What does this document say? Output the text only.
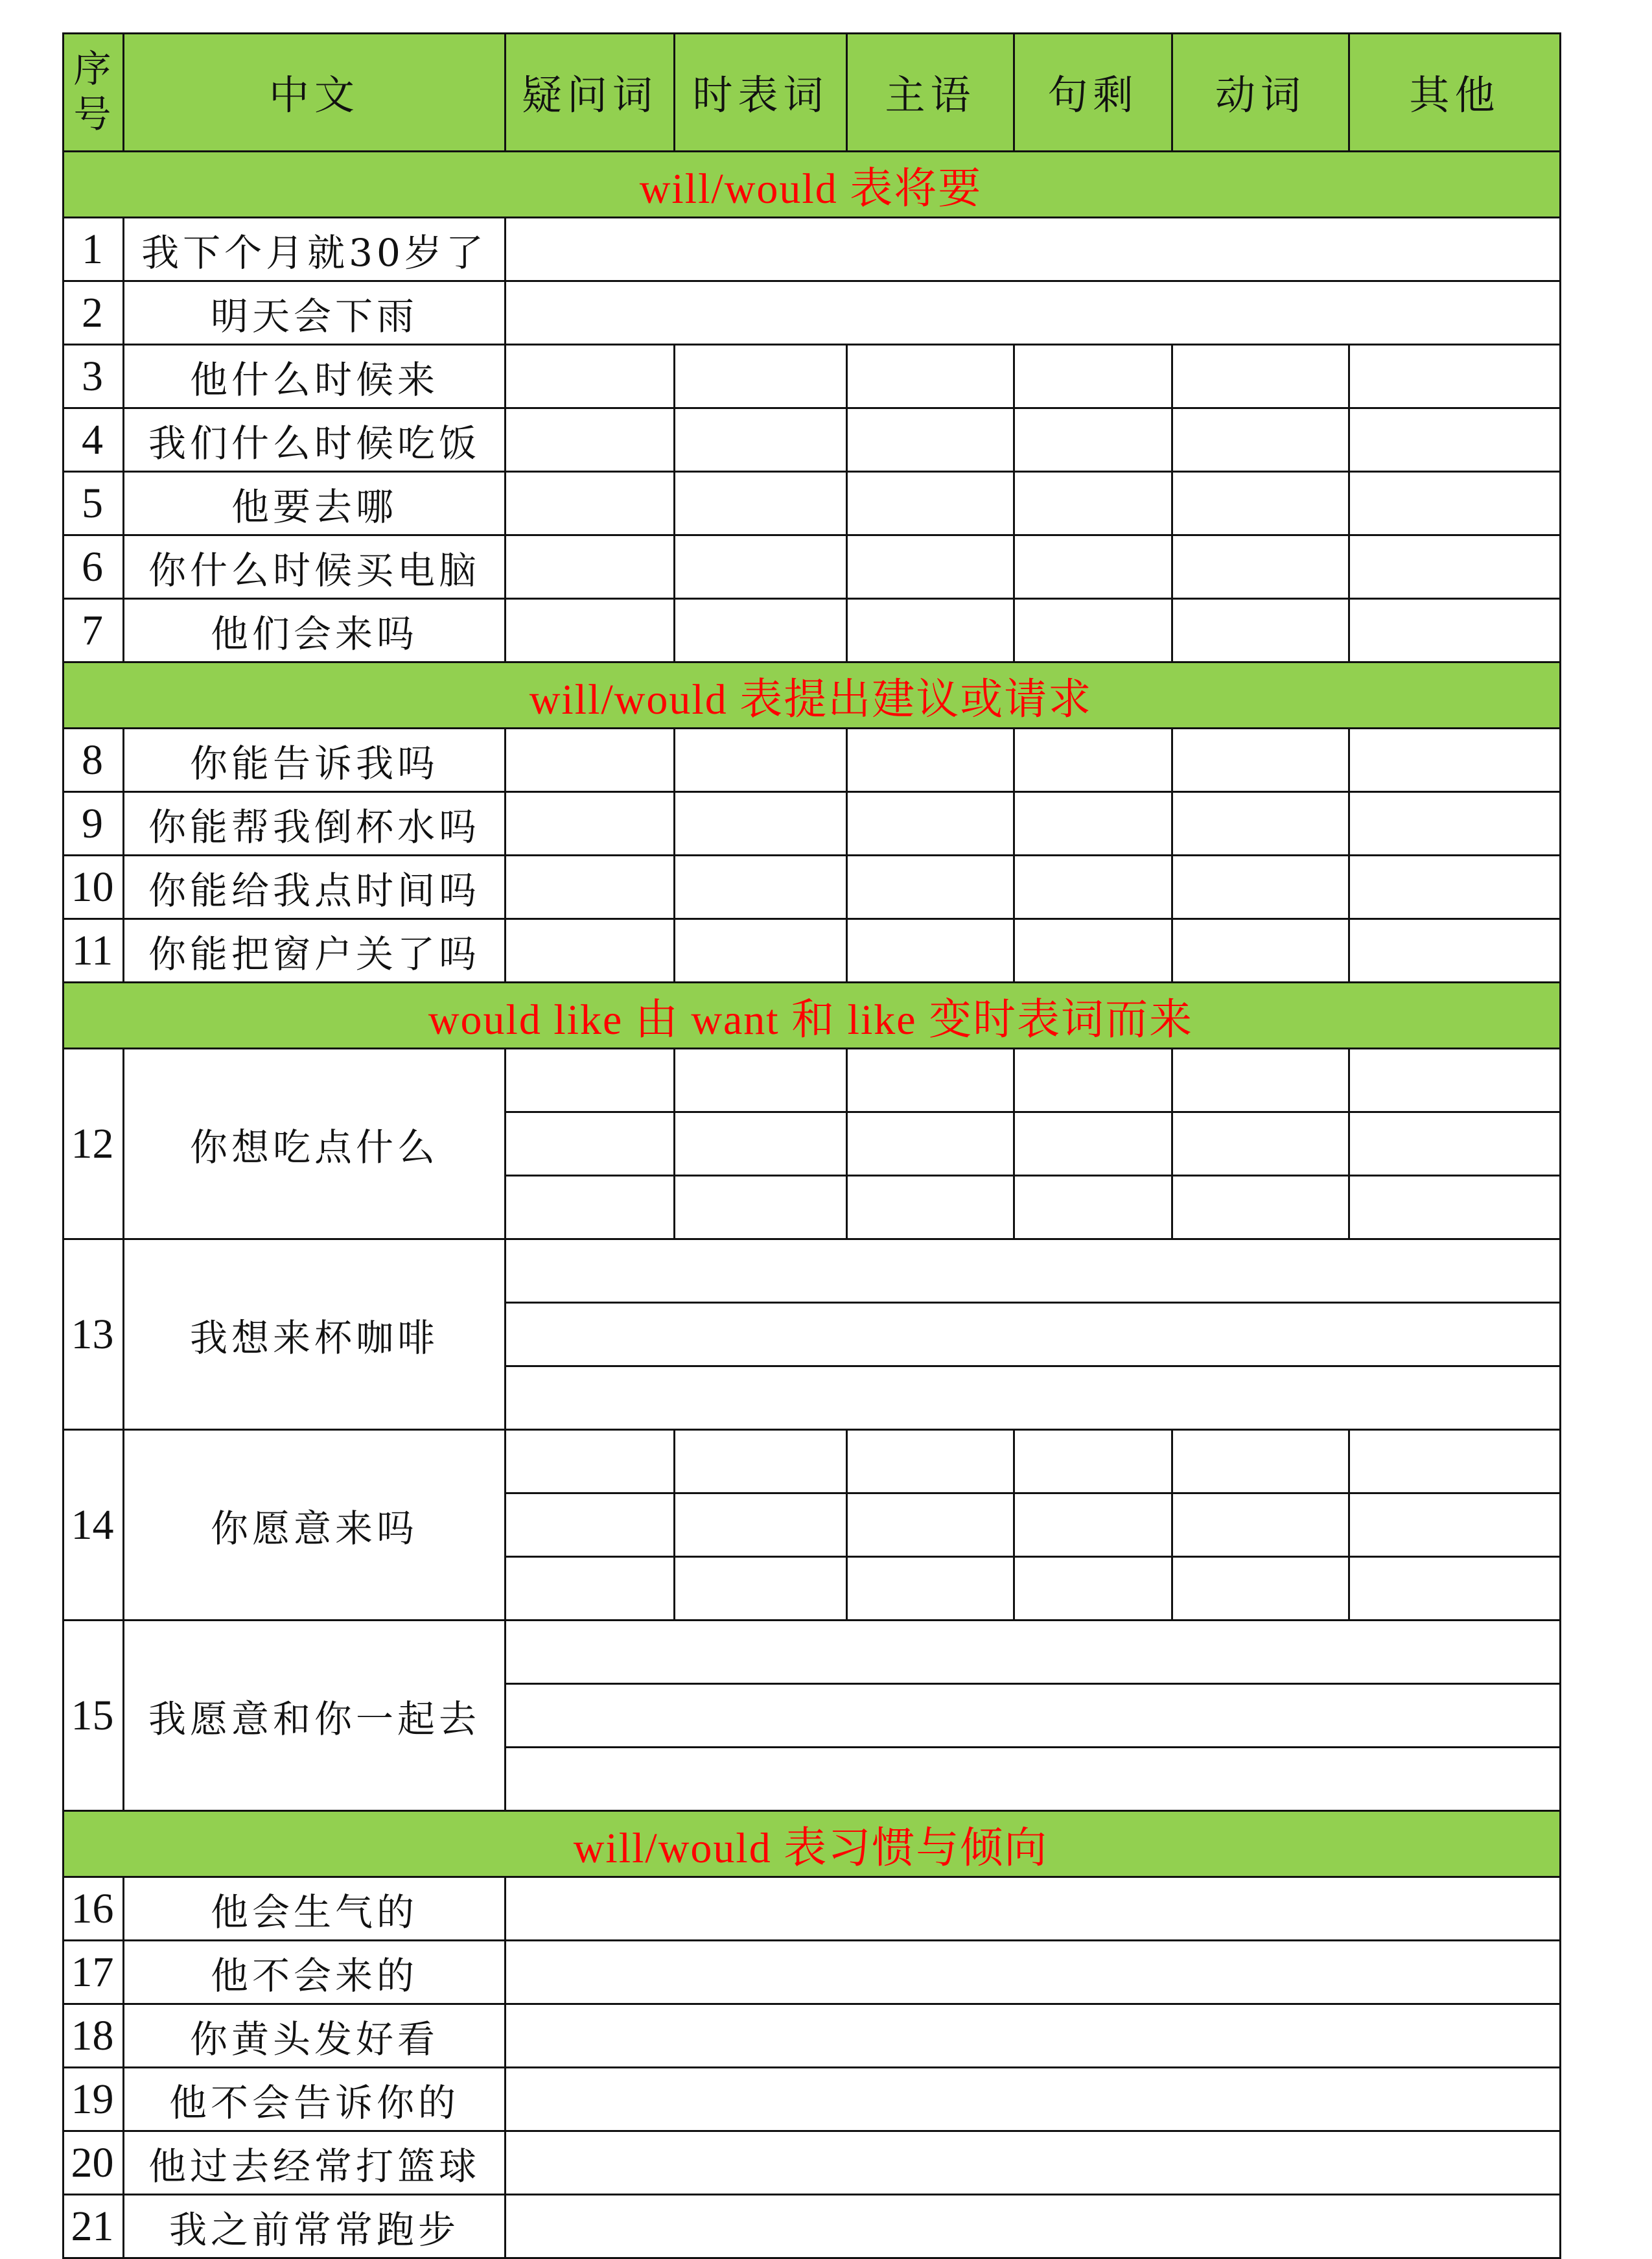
序
号	中文	疑问词 时表词	主语	句剩	动词	其他
will/would 表将要
1	我下个月就30岁了
2	明天会下雨
3	他什么时候来
4	我们什么时候吃饭
5	他要去哪
6	你什么时候买电脑
7	他们会来吗
will/would 表提出建议或请求
8	你能告诉我吗
9	你能帮我倒杯水吗
10 你能给我点时间吗
11 你能把窗户关了吗
would like 由 want 和 like 变时表词而来
12	你想吃点什么
13	我想来杯咖啡
14	你愿意来吗
15 我愿意和你一起去
will/would 表习惯与倾向
16	他会生气的
17	他不会来的
18	你黄头发好看
19	他不会告诉你的
20 他过去经常打篮球
21	我之前常常跑步
